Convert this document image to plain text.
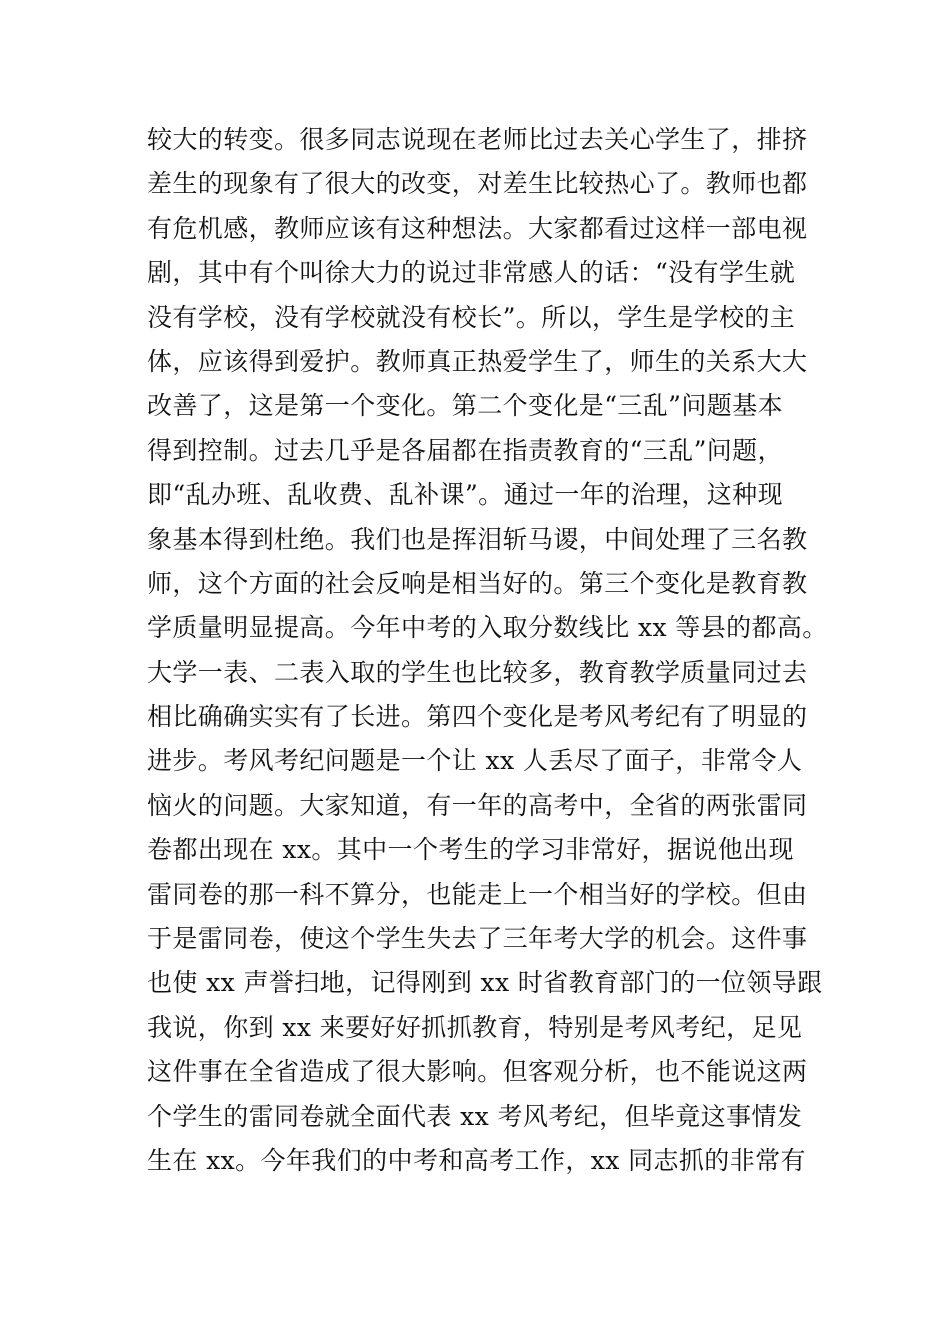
较大的转变。很多同志说现在老师比过去关心学生了，排挤
差生的现象有了很大的改变，对差生比较热心了。教师也都
有危机感，教师应该有这种想法。大家都看过这样一部电视
剧，其中有个叫徐大力的说过非常感人的话：“没有学生就
没有学校，没有学校就没有校长”。所以，学生是学校的主
体，应该得到爱护。教师真正热爱学生了，师生的关系大大
改善了，这是第一个变化。第二个变化是“三乱”问题基本
得到控制。过去几乎是各届都在指责教育的“三乱”问题，
即“乱办班、乱收费、乱补课”。通过一年的治理，这种现
象基本得到杜绝。我们也是挥泪斩马谡，中间处理了三名教
师，这个方面的社会反响是相当好的。第三个变化是教育教
学质量明显提高。今年中考的入取分数线比 xx 等县的都高。
大学一表、二表入取的学生也比较多，教育教学质量同过去
相比确确实实有了长进。第四个变化是考风考纪有了明显的
进步。考风考纪问题是一个让 xx 人丢尽了面子，非常令人
恼火的问题。大家知道，有一年的高考中，全省的两张雷同
卷都出现在 xx。其中一个考生的学习非常好，据说他出现
雷同卷的那一科不算分，也能走上一个相当好的学校。但由
于是雷同卷，使这个学生失去了三年考大学的机会。这件事
也使 xx 声誉扫地，记得刚到 xx 时省教育部门的一位领导跟
我说，你到 xx 来要好好抓抓教育，特别是考风考纪，足见
这件事在全省造成了很大影响。但客观分析，也不能说这两
个学生的雷同卷就全面代表 xx 考风考纪，但毕竟这事情发
生在 xx。今年我们的中考和高考工作，xx 同志抓的非常有
